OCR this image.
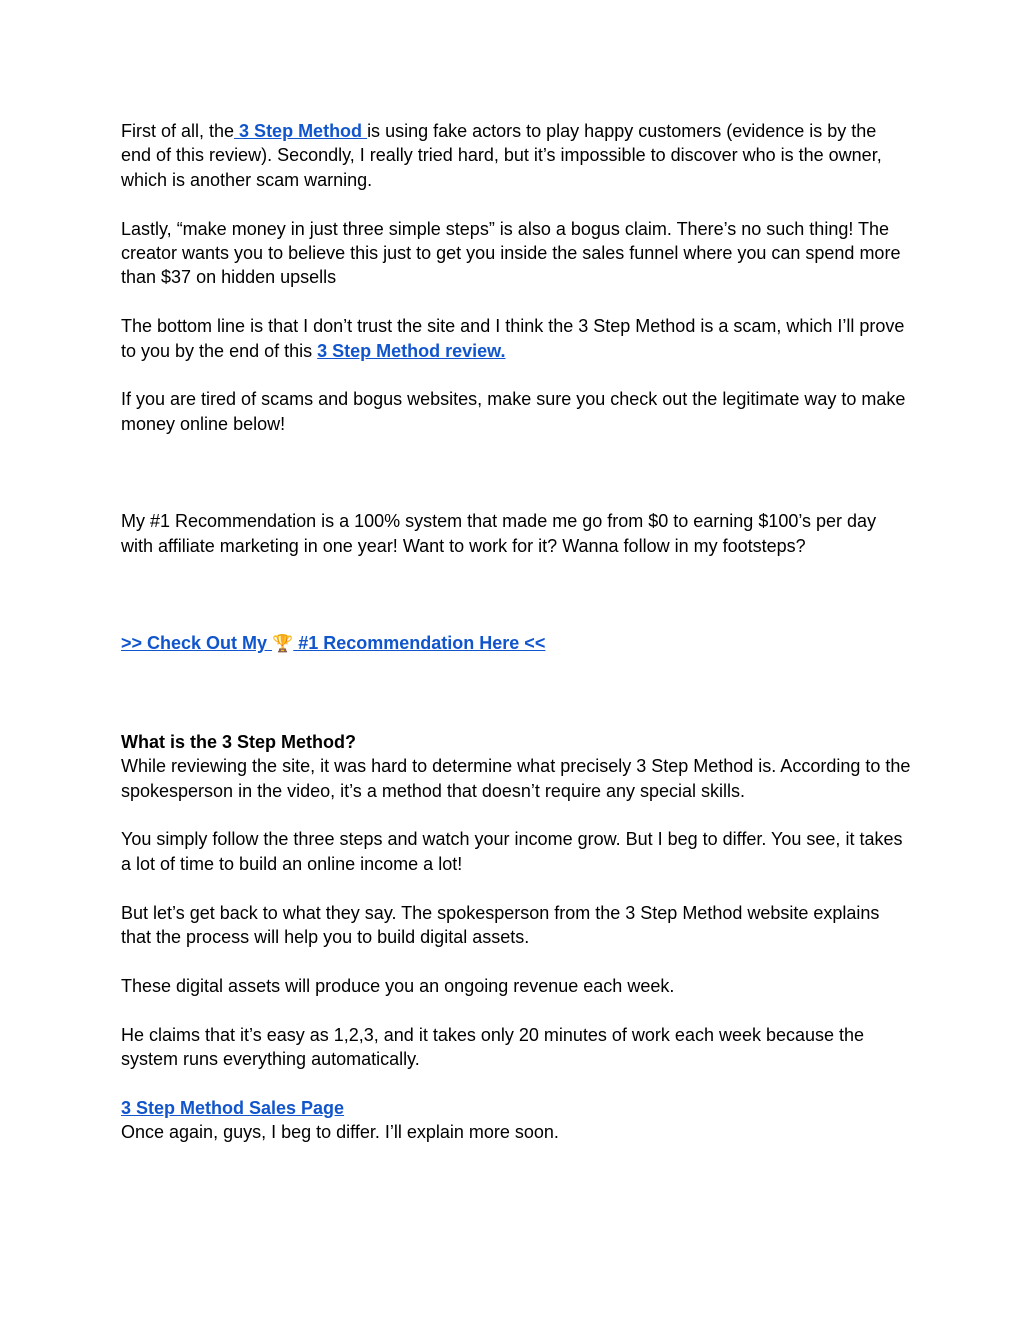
First of all, the 3 Step Method is using fake actors to play happy customers (evidence is by the end of this review). Secondly, I really tried hard, but it’s impossible to discover who is the owner, which is another scam warning.

Lastly, “make money in just three simple steps” is also a bogus claim. There’s no such thing! The creator wants you to believe this just to get you inside the sales funnel where you can spend more than $37 on hidden upsells

The bottom line is that I don’t trust the site and I think the 3 Step Method is a scam, which I’ll prove to you by the end of this 3 Step Method review.

If you are tired of scams and bogus websites, make sure you check out the legitimate way to make money online below!

My #1 Recommendation is a 100% system that made me go from $0 to earning $100’s per day with affiliate marketing in one year! Want to work for it? Wanna follow in my footsteps?

>> Check Out My 🏆 #1 Recommendation Here <<

What is the 3 Step Method?

While reviewing the site, it was hard to determine what precisely 3 Step Method is. According to the spokesperson in the video, it’s a method that doesn’t require any special skills.

You simply follow the three steps and watch your income grow. But I beg to differ. You see, it takes a lot of time to build an online income a lot!

But let’s get back to what they say. The spokesperson from the 3 Step Method website explains that the process will help you to build digital assets.

These digital assets will produce you an ongoing revenue each week.

He claims that it’s easy as 1,2,3, and it takes only 20 minutes of work each week because the system runs everything automatically.

3 Step Method Sales Page

Once again, guys, I beg to differ. I’ll explain more soon.
